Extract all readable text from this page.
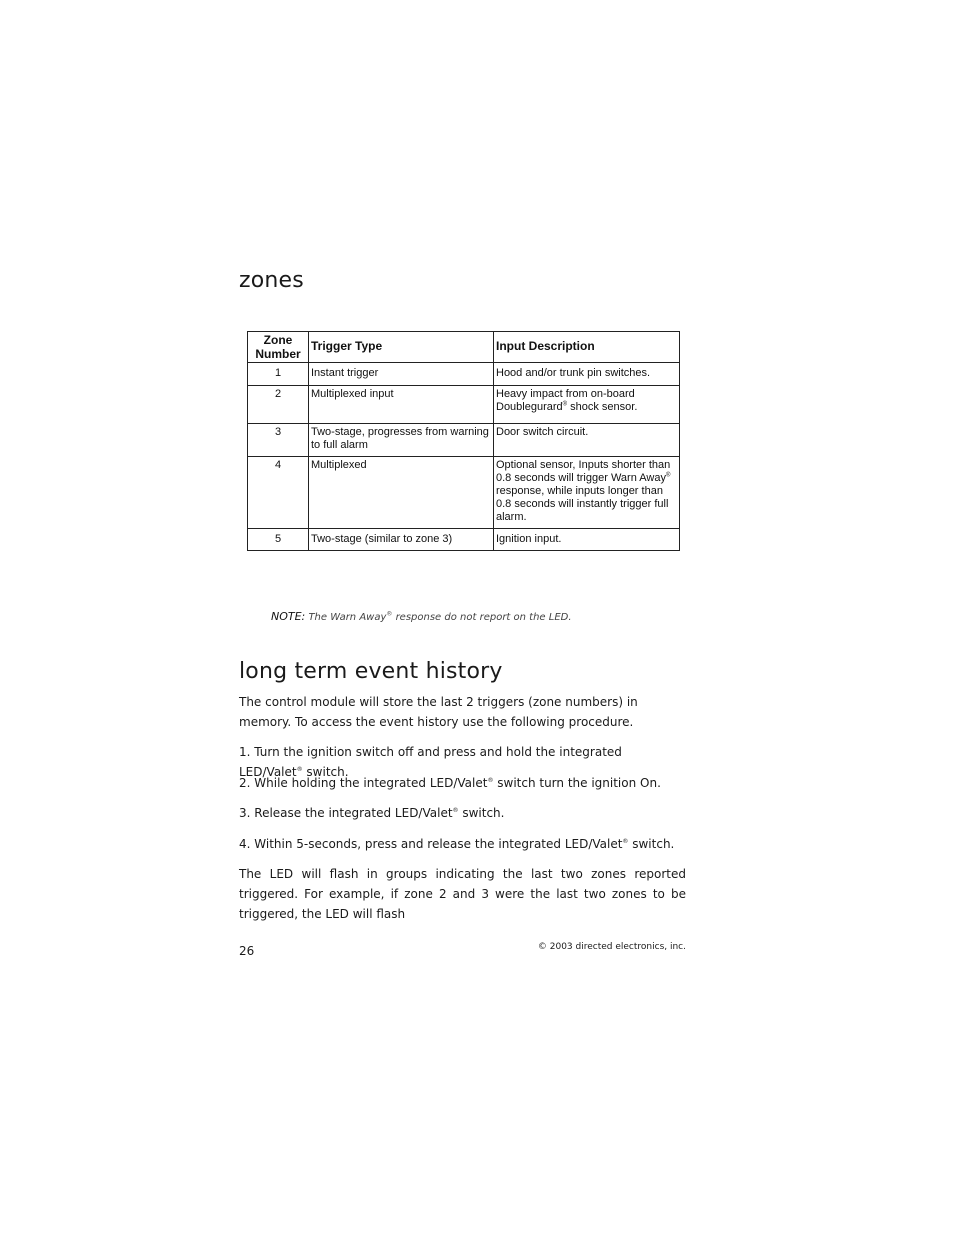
zones
Zone
Number	Trigger Type	Input Description
1	Instant trigger	Hood and/or trunk pin switches.
2	Multiplexed input	Heavy impact from on-board Doublegurard® shock sensor.
3	Two-stage, progresses from warning to full alarm	Door switch circuit.
4	Multiplexed	Optional sensor, Inputs shorter than 0.8 seconds will trigger Warn Away® response, while inputs longer than 0.8 seconds will instantly trigger full alarm.
5	Two-stage (similar to zone 3)	Ignition input.
NOTE: The Warn Away® response do not report on the LED.
long term event history

The control module will store the last 2 triggers (zone numbers) in memory. To access the event history use the following procedure.

1. Turn the ignition switch off and press and hold the integrated LED/Valet® switch.

2. While holding the integrated LED/Valet® switch turn the ignition On.

3. Release the integrated LED/Valet® switch.

4. Within 5-seconds, press and release the integrated LED/Valet® switch.

The LED will flash in groups indicating the last two zones reported triggered. For example, if zone 2 and 3 were the last two zones to be triggered, the LED will flash

26	© 2003 directed electronics, inc.
